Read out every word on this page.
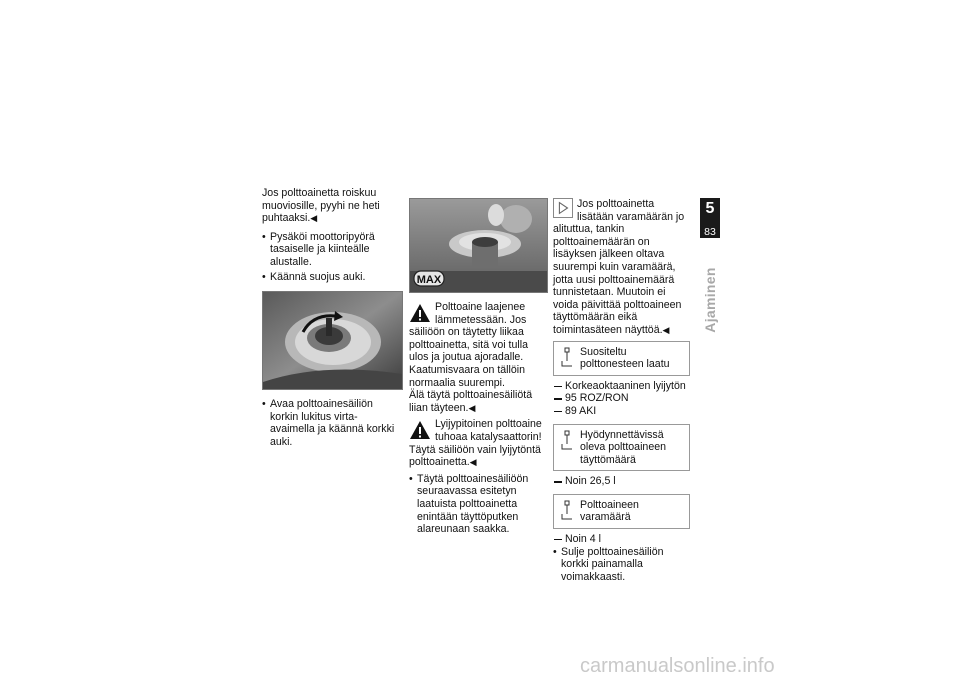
Jos polttoainetta roiskuu muoviosille, pyyhi ne heti puhtaaksi.◀

• Pysäköi moottoripyörä tasaiselle ja kiinteälle alustalle.
• Käännä suojus auki.
• Avaa polttoainesäiliön korkin lukitus virta-avaimella ja käännä korkki auki.
MAX
Polttoaine laajenee lämmetessään. Jos säiliöön on täytetty liikaa polttoainetta, sitä voi tulla ulos ja joutua ajoradalle. Kaatumisvaara on tällöin normaalia suurempi.
Älä täytä polttoainesäiliötä liian täyteen.◀
Lyijypitoinen polttoaine tuhoaa katalysaattorin!
Täytä säiliöön vain lyijytöntä polttoainetta.◀
• Täytä polttoainesäiliöön seuraavassa esitetyn laatuista polttoainetta enintään täyttöputken alareunaan saakka.
Jos polttoainetta lisätään varamäärän jo alituttua, tankin polttoainemäärän on lisäyksen jälkeen oltava suurempi kuin varamäärä, jotta uusi polttoainemäärä tunnistetaan. Muutoin ei voida päivittää polttoaineen täyttömäärän eikä toimintasäteen näyttöä.◀
Suositeltu polttonesteen laatu
Korkeaoktaaninen lyijytön
95 ROZ/RON
89 AKI
Hyödynnettävissä oleva polttoaineen täyttömäärä
Noin 26,5 l
Polttoaineen varamäärä
Noin 4 l
• Sulje polttoainesäiliön korkki painamalla voimakkaasti.
5
83
Ajaminen
carmanualsonline.info
